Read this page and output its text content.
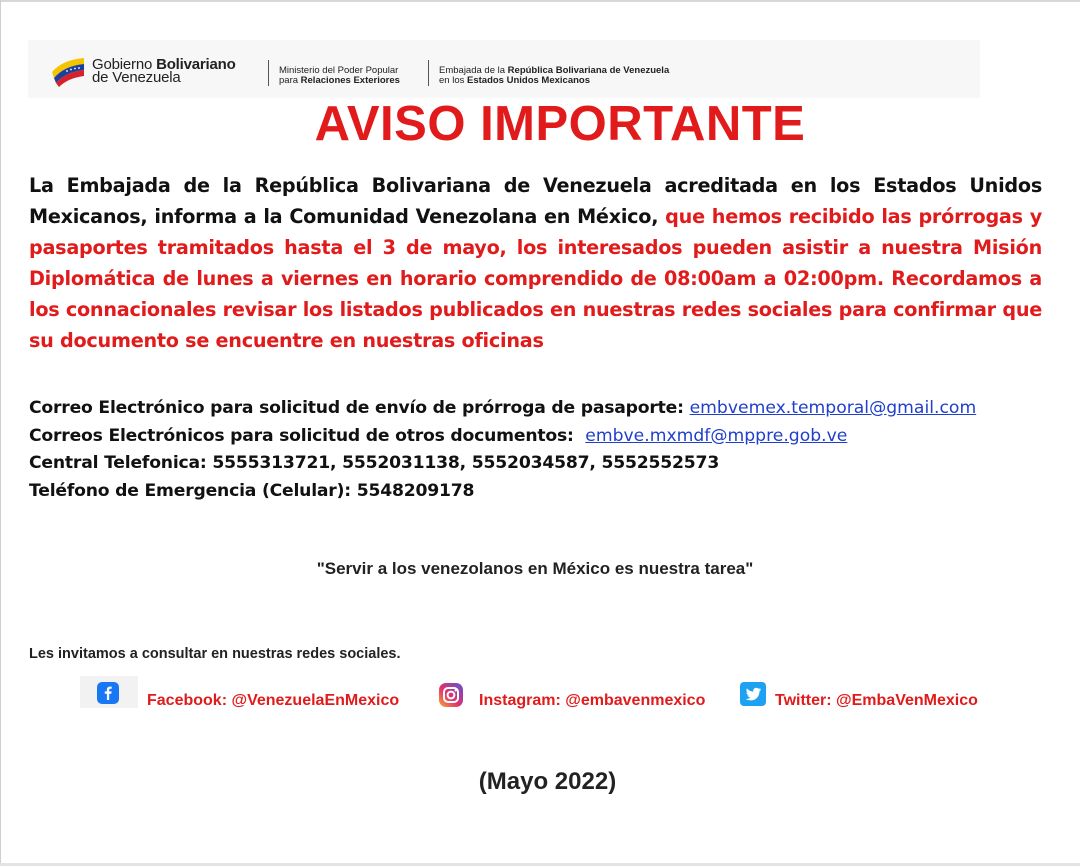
Gobierno Bolivariano
de Venezuela	Ministerio del Poder Popular
para Relaciones Exteriores
Embajada de la República Bolivariana de Venezuela
en los Estados Unidos Mexicanos
AVISO IMPORTANTE
La Embajada de la República Bolivariana de Venezuela acreditada en los Estados Unidos Mexicanos, informa a la Comunidad Venezolana en México, que hemos recibido las prórrogas y pasaportes tramitados hasta el 3 de mayo, los interesados pueden asistir a nuestra Misión Diplomática de lunes a viernes en horario comprendido de 08:00am a 02:00pm. Recordamos a los connacionales revisar los listados publicados en nuestras redes sociales para confirmar que su documento se encuentre en nuestras oficinas
Correo Electrónico para solicitud de envío de prórroga de pasaporte: embvemex.temporal@gmail.com
Correos Electrónicos para solicitud de otros documentos:  embve.mxmdf@mppre.gob.ve
Central Telefonica: 5555313721, 5552031138, 5552034587, 5552552573
Teléfono de Emergencia (Celular): 5548209178
"Servir a los venezolanos en México es nuestra tarea"
Les invitamos a consultar en nuestras redes sociales.
Facebook: @VenezuelaEnMexico	Instagram: @embavenmexico	Twitter: @EmbaVenMexico
(Mayo 2022)
